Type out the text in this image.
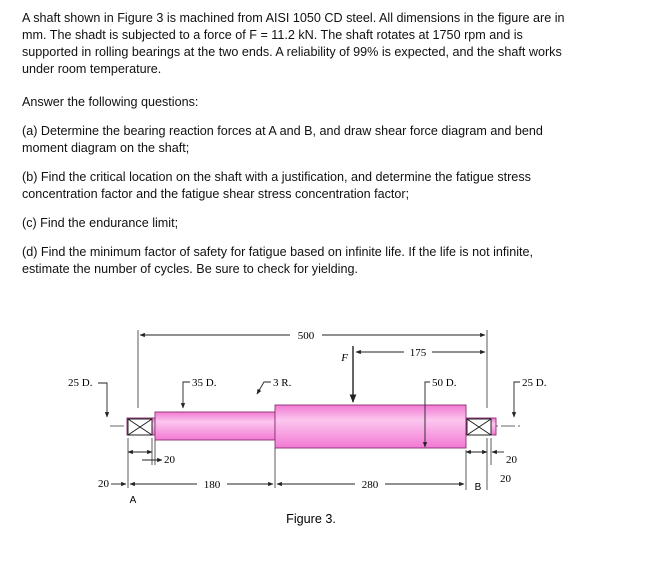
A shaft shown in Figure 3 is machined from AISI 1050 CD steel. All dimensions in the figure are in
mm. The shadt is subjected to a force of F = 11.2 kN. The shaft rotates at 1750 rpm and is
supported in rolling bearings at the two ends. A reliability of 99% is expected, and the shaft works
under room temperature.

Answer the following questions:

(a) Determine the bearing reaction forces at A and B, and draw shear force diagram and bend
moment diagram on the shaft;
(b) Find the critical location on the shaft with a justification, and determine the fatigue stress
concentration factor and the fatigue shear stress concentration factor;
(c) Find the endurance limit;
(d) Find the minimum factor of safety for fatigue based on infinite life. If the life is not infinite,
estimate the number of cycles. Be sure to check for yielding.
500
F	175
25 D.	35 D.	3 R.	50 D.	25 D.
20
20	180	280
20
20
A
B
Figure 3.
